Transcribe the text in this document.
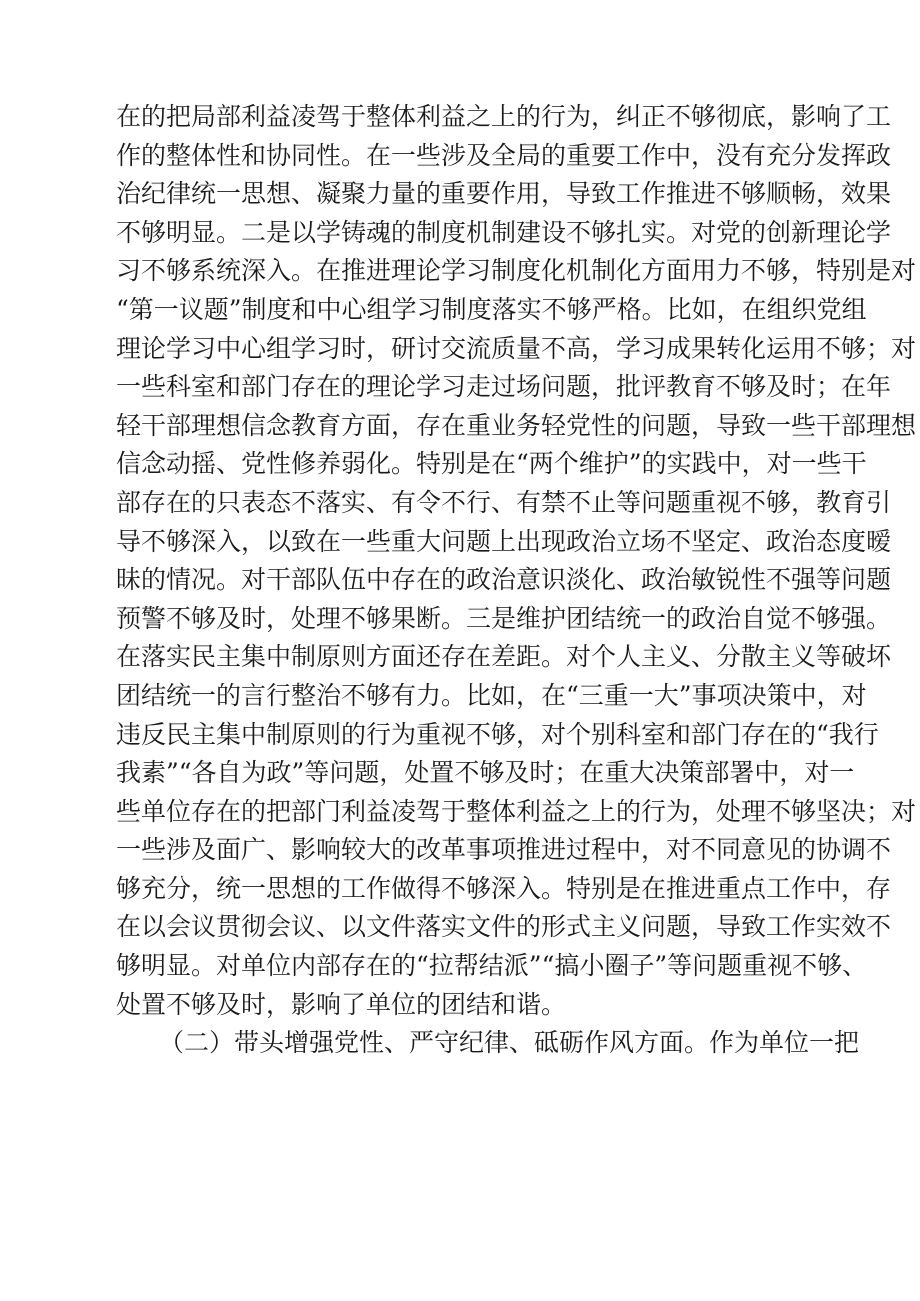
在的把局部利益凌驾于整体利益之上的行为，纠正不够彻底，影响了工
作的整体性和协同性。在一些涉及全局的重要工作中，没有充分发挥政
治纪律统一思想、凝聚力量的重要作用，导致工作推进不够顺畅，效果
不够明显。二是以学铸魂的制度机制建设不够扎实。对党的创新理论学
习不够系统深入。在推进理论学习制度化机制化方面用力不够，特别是对
“第一议题”制度和中心组学习制度落实不够严格。比如，在组织党组
理论学习中心组学习时，研讨交流质量不高，学习成果转化运用不够；对
一些科室和部门存在的理论学习走过场问题，批评教育不够及时；在年
轻干部理想信念教育方面，存在重业务轻党性的问题，导致一些干部理想
信念动摇、党性修养弱化。特别是在“两个维护”的实践中，对一些干
部存在的只表态不落实、有令不行、有禁不止等问题重视不够，教育引
导不够深入，以致在一些重大问题上出现政治立场不坚定、政治态度暧
昧的情况。对干部队伍中存在的政治意识淡化、政治敏锐性不强等问题
预警不够及时，处理不够果断。三是维护团结统一的政治自觉不够强。
在落实民主集中制原则方面还存在差距。对个人主义、分散主义等破坏
团结统一的言行整治不够有力。比如，在“三重一大”事项决策中，对
违反民主集中制原则的行为重视不够，对个别科室和部门存在的“我行
我素”“各自为政”等问题，处置不够及时；在重大决策部署中，对一
些单位存在的把部门利益凌驾于整体利益之上的行为，处理不够坚决；对
一些涉及面广、影响较大的改革事项推进过程中，对不同意见的协调不
够充分，统一思想的工作做得不够深入。特别是在推进重点工作中，存
在以会议贯彻会议、以文件落实文件的形式主义问题，导致工作实效不
够明显。对单位内部存在的“拉帮结派”“搞小圈子”等问题重视不够、
处置不够及时，影响了单位的团结和谐。
（二）带头增强党性、严守纪律、砥砺作风方面。作为单位一把
